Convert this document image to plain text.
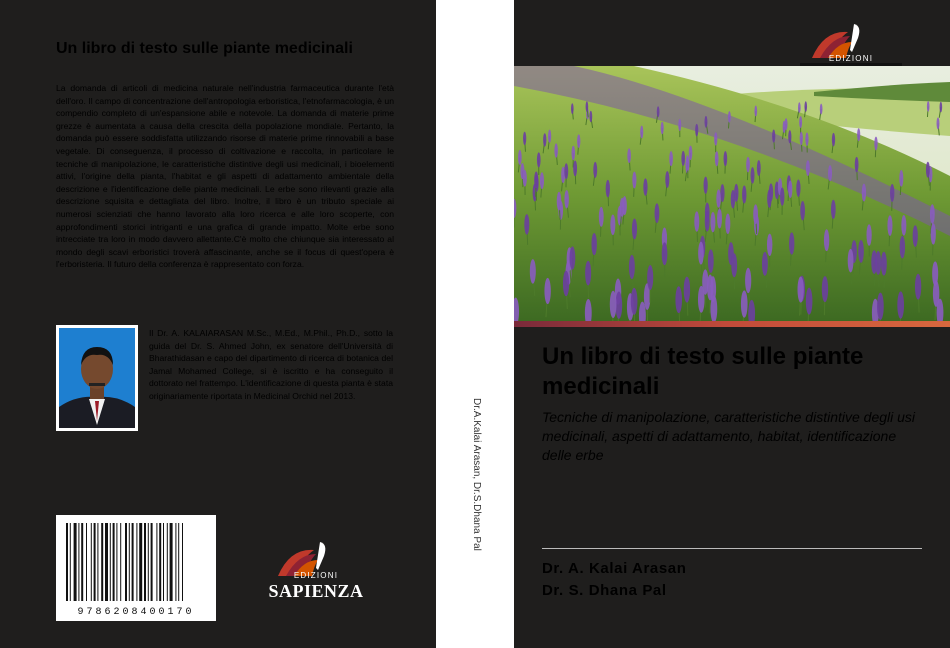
Un libro di testo sulle piante medicinali

La domanda di articoli di medicina naturale nell'industria farmaceutica durante l'età dell'oro. Il campo di concentrazione dell'antropologia erboristica, l'etnofarmacologia, è un compendio completo di un'espansione abile e notevole. La domanda di materie prime grezze è aumentata a causa della crescita della popolazione mondiale. Pertanto, la domanda può essere soddisfatta utilizzando risorse di materie prime rinnovabili a base vegetale. Di conseguenza, il processo di coltivazione e raccolta, in particolare le tecniche di manipolazione, le caratteristiche distintive degli usi medicinali, i bioelementi attivi, l'origine della pianta, l'habitat e gli aspetti di adattamento ambientale della descrizione e l'identificazione delle piante medicinali. Le erbe sono rilevanti grazie alla descrizione squisita e dettagliata del libro. Inoltre, il libro è un tributo speciale ai numerosi scienziati che hanno lavorato alla loro ricerca e alle loro scoperte, con approfondimenti storici intriganti e una grafica di grande impatto. Molte erbe sono intrecciate tra loro in modo davvero allettante.C'è molto che chiunque sia interessato al mondo degli scavi erboristici troverà affascinante, anche se il focus di quest'opera è l'erboristeria. Il futuro della conferenza è rappresentato con forza.

Il Dr. A. KALAIARASAN M.Sc., M.Ed., M.Phil., Ph.D., sotto la guida del Dr. S. Ahmed John, ex senatore dell'Università di Bharathidasan e capo del dipartimento di ricerca di botanica del Jamal Mohamed College, si è iscritto e ha conseguito il dottorato nel frattempo. L'identificazione di questa pianta è stata originariamente riportata in Medicinal Orchid nel 2013.

9786208400170
EDIZIONI
SAPIENZA
Dr.A.Kalai Arasan, Dr.S.Dhana Pal
EDIZIONI
Un libro di testo sulle piante medicinali

Tecniche di manipolazione, caratteristiche distintive degli usi medicinali, aspetti di adattamento, habitat, identificazione delle erbe

Dr. A. Kalai Arasan
Dr. S. Dhana Pal
